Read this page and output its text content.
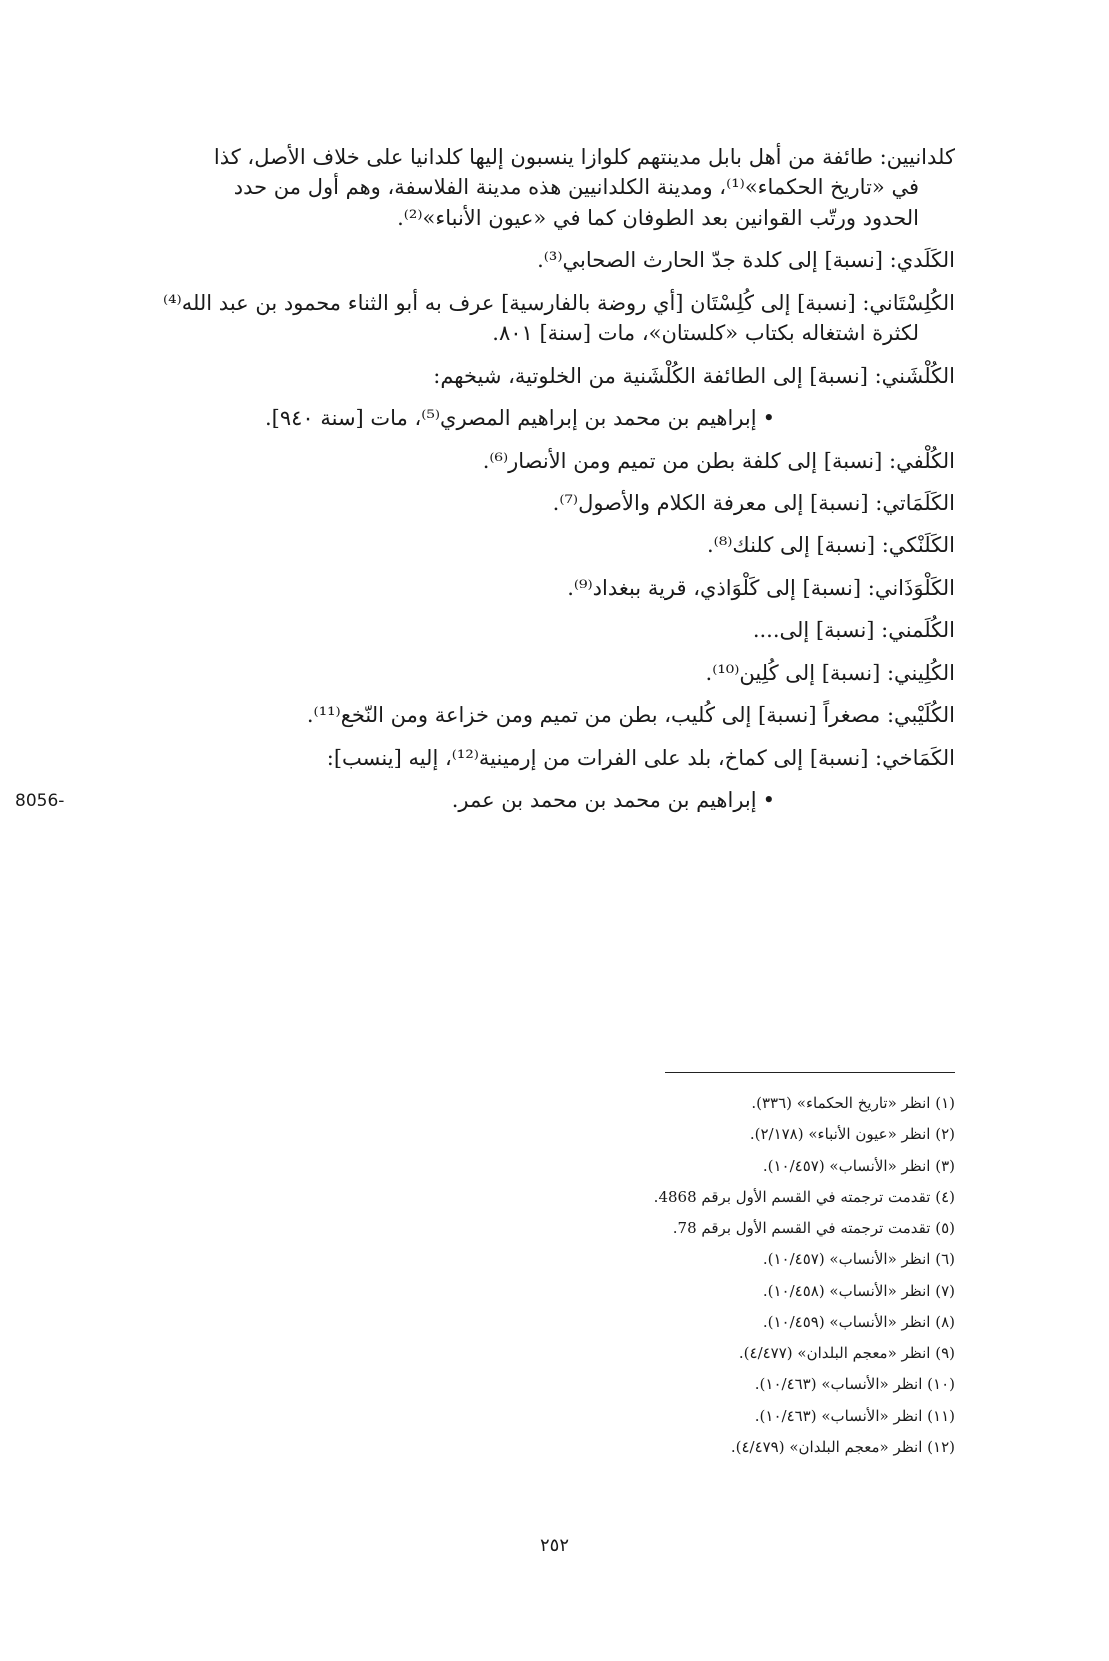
كلدانيين: طائفة من أهل بابل مدينتهم كلوازا ينسبون إليها كلدانيا على خلاف الأصل، كذا
في «تاريخ الحكماء»⁽¹⁾، ومدينة الكلدانيين هذه مدينة الفلاسفة، وهم أول من حدد
الحدود ورتّب القوانين بعد الطوفان كما في «عيون الأنباء»⁽²⁾.
الكَلَدي: [نسبة] إلى كلدة جدّ الحارث الصحابي⁽³⁾.
الكُلِسْتَاني: [نسبة] إلى كُلِسْتَان [أي روضة بالفارسية] عرف به أبو الثناء محمود بن عبد الله⁽⁴⁾
لكثرة اشتغاله بكتاب «كلستان»، مات [سنة] ٨٠١.
الكُلْشَني: [نسبة] إلى الطائفة الكُلْشَنية من الخلوتية، شيخهم:
•إبراهيم بن محمد بن إبراهيم المصري⁽⁵⁾، مات [سنة ٩٤٠].
الكُلْفي: [نسبة] إلى كلفة بطن من تميم ومن الأنصار⁽⁶⁾.
الكَلَمَاتي: [نسبة] إلى معرفة الكلام والأصول⁽⁷⁾.
الكَلَنْكي: [نسبة] إلى كلنك⁽⁸⁾.
الكَلْوَذَاني: [نسبة] إلى كَلْوَاذي، قرية ببغداد⁽⁹⁾.
الكُلَمني: [نسبة] إلى....
الكُلِيني: [نسبة] إلى كُلِين⁽¹⁰⁾.
الكُلَيْبي: مصغراً [نسبة] إلى كُليب، بطن من تميم ومن خزاعة ومن النّخع⁽¹¹⁾.
الكَمَاخي: [نسبة] إلى كماخ، بلد على الفرات من إرمينية⁽¹²⁾، إليه [ينسب]:
•إبراهيم بن محمد بن محمد بن عمر.
8056-
(١) انظر «تاريخ الحكماء» (٣٣٦).
(٢) انظر «عيون الأنباء» (٢/١٧٨).
(٣) انظر «الأنساب» (١٠/٤٥٧).
(٤) تقدمت ترجمته في القسم الأول برقم 4868.
(٥) تقدمت ترجمته في القسم الأول برقم 78.
(٦) انظر «الأنساب» (١٠/٤٥٧).
(٧) انظر «الأنساب» (١٠/٤٥٨).
(٨) انظر «الأنساب» (١٠/٤٥٩).
(٩) انظر «معجم البلدان» (٤/٤٧٧).
(١٠) انظر «الأنساب» (١٠/٤٦٣).
(١١) انظر «الأنساب» (١٠/٤٦٣).
(١٢) انظر «معجم البلدان» (٤/٤٧٩).
٢٥٢
